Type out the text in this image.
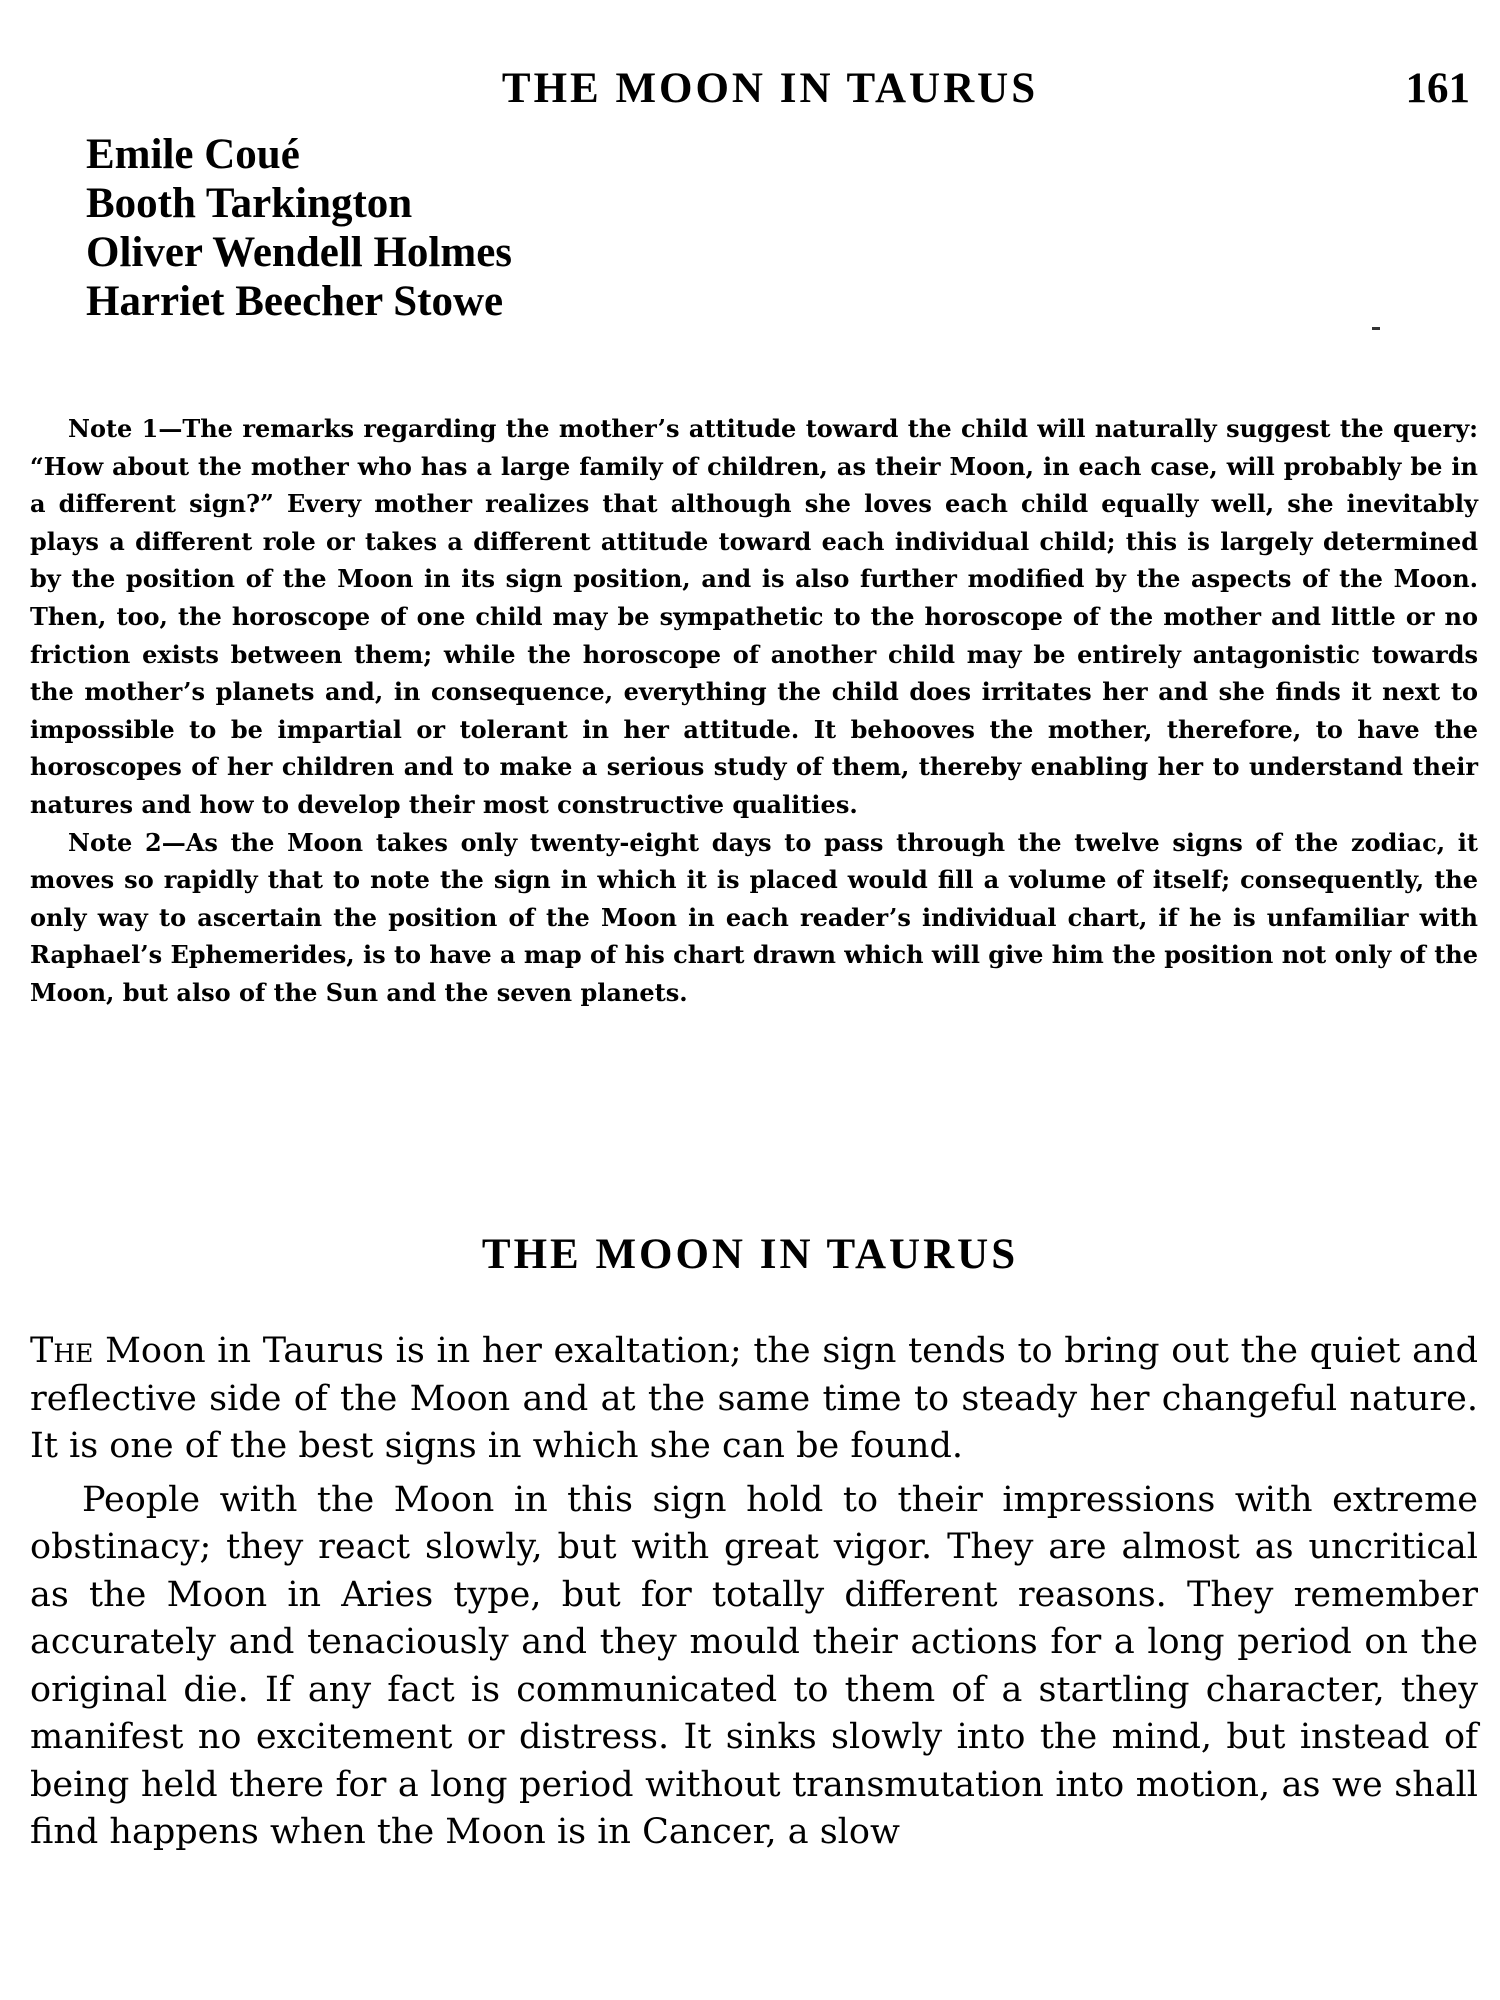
THE MOON IN TAURUS	161
Emile Coué
Booth Tarkington
Oliver Wendell Holmes
Harriet Beecher Stowe

Note 1—The remarks regarding the mother’s attitude toward the child will naturally suggest the query: “How about the mother who has a large family of children, as their Moon, in each case, will probably be in a different sign?” Every mother realizes that although she loves each child equally well, she inevitably plays a different role or takes a different attitude toward each individual child; this is largely determined by the position of the Moon in its sign position, and is also further modified by the aspects of the Moon. Then, too, the horoscope of one child may be sympathetic to the horoscope of the mother and little or no friction exists between them; while the horoscope of another child may be entirely antagonistic towards the mother’s planets and, in consequence, everything the child does irritates her and she finds it next to impossible to be impartial or tolerant in her attitude. It behooves the mother, therefore, to have the horoscopes of her children and to make a serious study of them, thereby enabling her to understand their natures and how to develop their most constructive qualities.

Note 2—As the Moon takes only twenty-eight days to pass through the twelve signs of the zodiac, it moves so rapidly that to note the sign in which it is placed would fill a volume of itself; consequently, the only way to ascertain the position of the Moon in each reader’s individual chart, if he is unfamiliar with Raphael’s Ephemerides, is to have a map of his chart drawn which will give him the position not only of the Moon, but also of the Sun and the seven planets.

THE MOON IN TAURUS

The Moon in Taurus is in her exaltation; the sign tends to bring out the quiet and reflective side of the Moon and at the same time to steady her changeful nature. It is one of the best signs in which she can be found.

People with the Moon in this sign hold to their impressions with extreme obstinacy; they react slowly, but with great vigor. They are almost as uncritical as the Moon in Aries type, but for totally different reasons. They remember accurately and tenaciously and they mould their actions for a long period on the original die. If any fact is communicated to them of a startling character, they manifest no excitement or distress. It sinks slowly into the mind, but instead of being held there for a long period without transmutation into motion, as we shall find happens when the Moon is in Cancer, a slow
